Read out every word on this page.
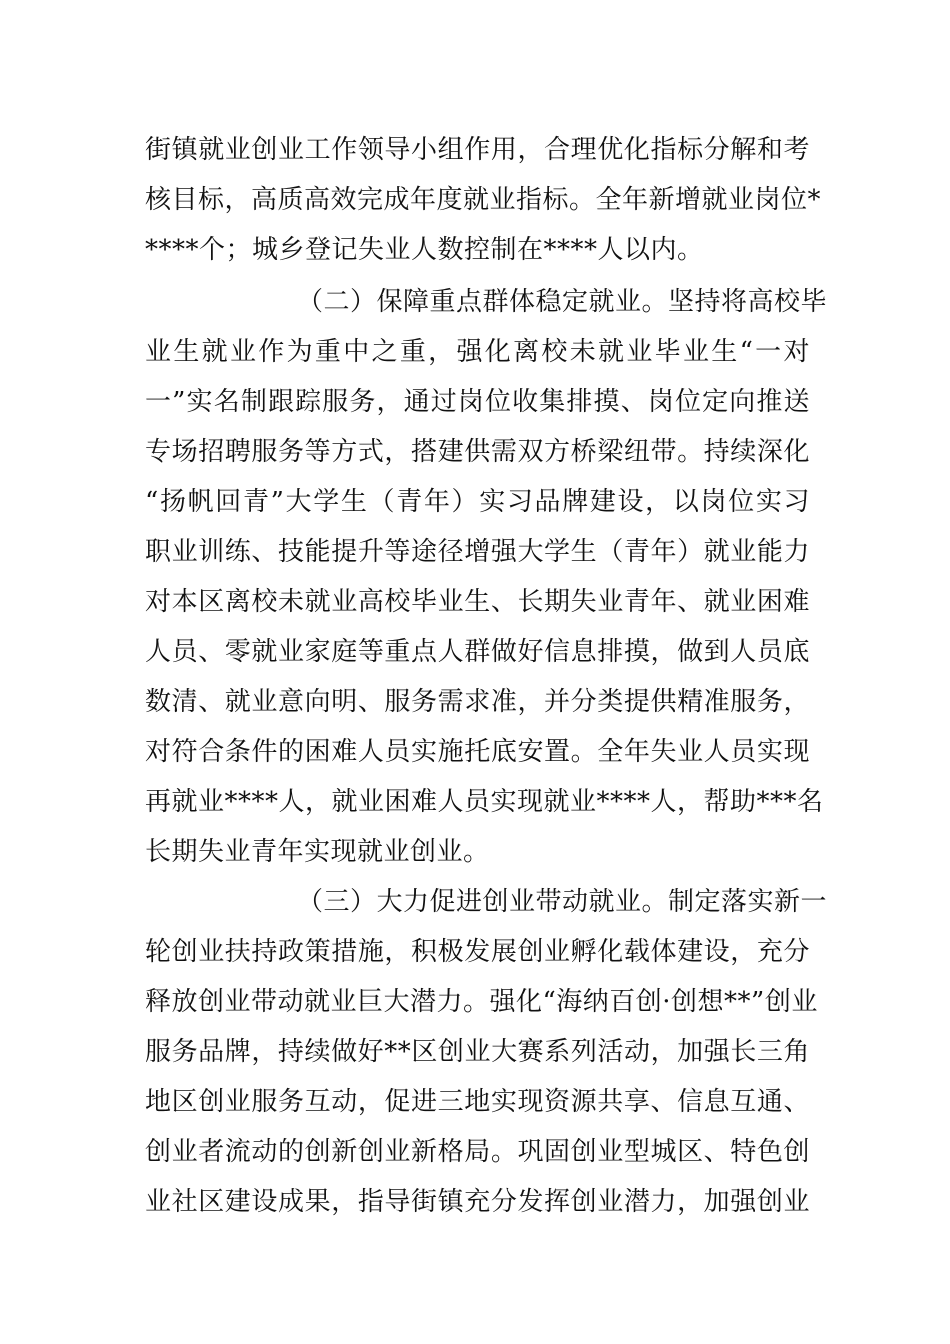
街镇就业创业工作领导小组作用，合理优化指标分解和考
核目标，高质高效完成年度就业指标。全年新增就业岗位*
****个；城乡登记失业人数控制在****人以内。
（二）保障重点群体稳定就业。坚持将高校毕
业生就业作为重中之重，强化离校未就业毕业生“一对
一”实名制跟踪服务，通过岗位收集排摸、岗位定向推送
专场招聘服务等方式，搭建供需双方桥梁纽带。持续深化
“扬帆回青”大学生（青年）实习品牌建设，以岗位实习
职业训练、技能提升等途径增强大学生（青年）就业能力
对本区离校未就业高校毕业生、长期失业青年、就业困难
人员、零就业家庭等重点人群做好信息排摸，做到人员底
数清、就业意向明、服务需求准，并分类提供精准服务，
对符合条件的困难人员实施托底安置。全年失业人员实现
再就业****人，就业困难人员实现就业****人，帮助***名
长期失业青年实现就业创业。
（三）大力促进创业带动就业。制定落实新一
轮创业扶持政策措施，积极发展创业孵化载体建设，充分
释放创业带动就业巨大潜力。强化“海纳百创·创想**”创业
服务品牌，持续做好**区创业大赛系列活动，加强长三角
地区创业服务互动，促进三地实现资源共享、信息互通、
创业者流动的创新创业新格局。巩固创业型城区、特色创
业社区建设成果，指导街镇充分发挥创业潜力，加强创业
